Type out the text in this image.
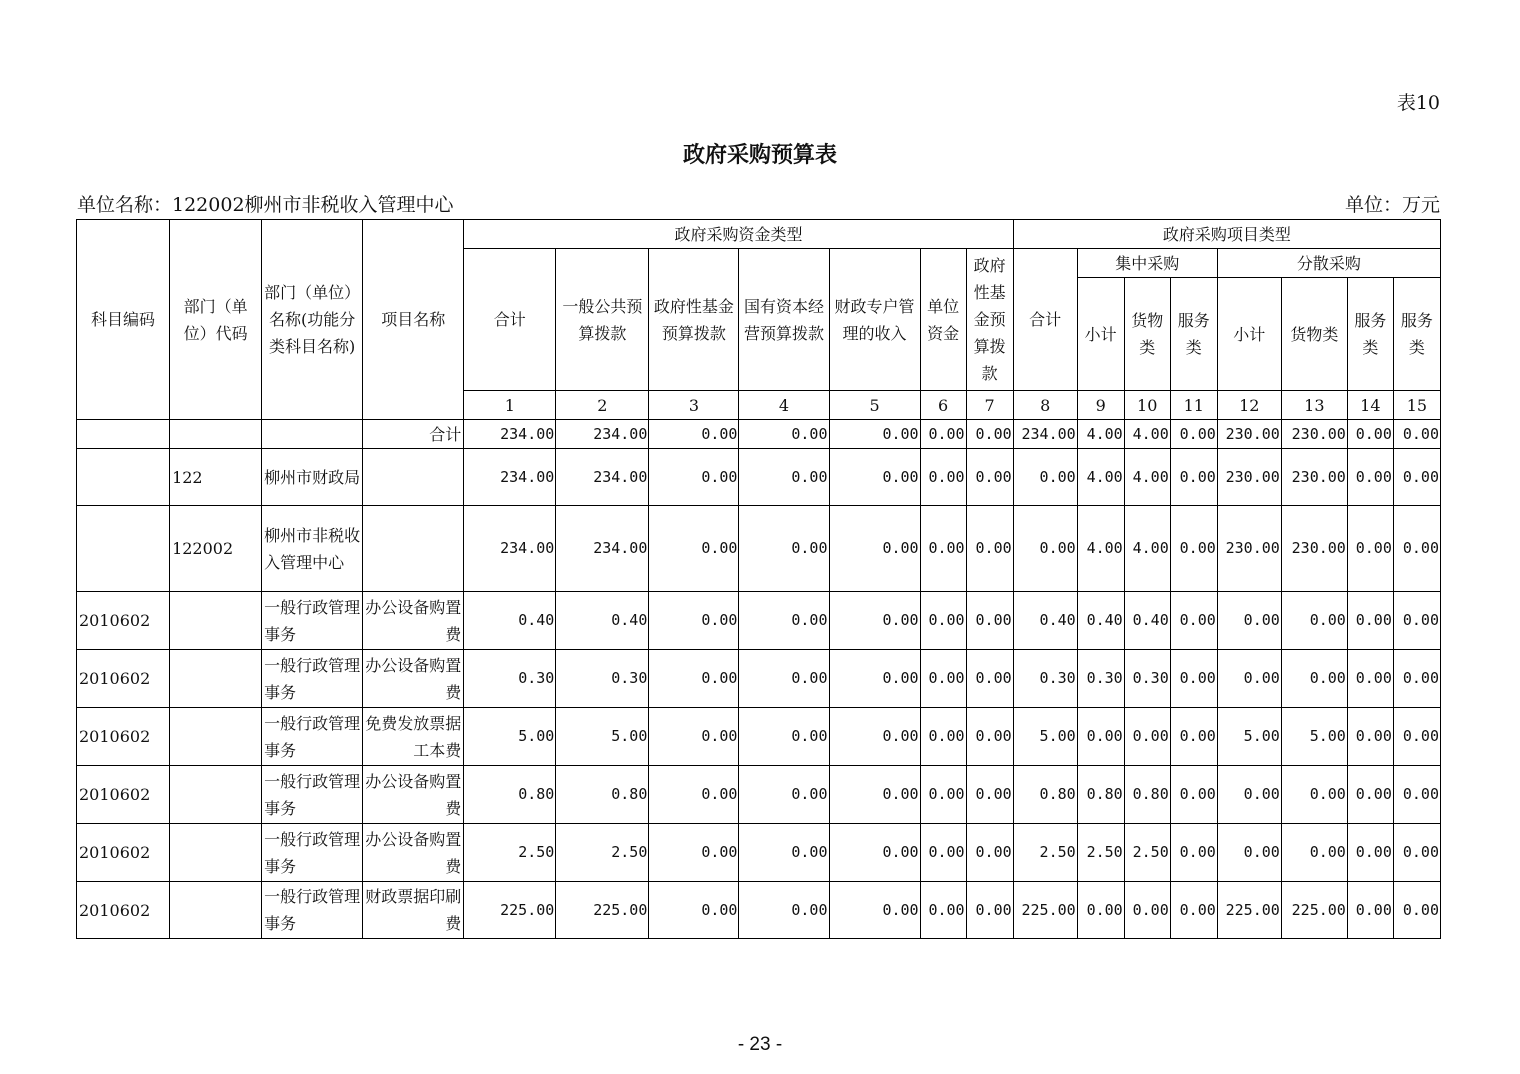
表10
政府采购预算表
单位名称：122002柳州市非税收入管理中心	单位：万元
科目编码	部门（单位）代码	部门（单位）名称(功能分类科目名称)	项目名称	政府采购资金类型							政府采购项目类型							
				合计	一般公共预算拨款	政府性基金预算拨款	国有资本经营预算拨款	财政专户管理的收入	单位资金	政府性基金预算拨款	合计	集中采购			分散采购			
												小计	货物类	服务类	小计	货物类	服务类	服务类
				1	2	3	4	5	6	7	8	9	10	11	12	13	14	15
			合计	234.00	234.00	0.00	0.00	0.00	0.00	0.00	234.00	4.00	4.00	0.00	230.00	230.00	0.00	0.00
	122	柳州市财政局		234.00	234.00	0.00	0.00	0.00	0.00	0.00	0.00	4.00	4.00	0.00	230.00	230.00	0.00	0.00
	122002	柳州市非税收入管理中心		234.00	234.00	0.00	0.00	0.00	0.00	0.00	0.00	4.00	4.00	0.00	230.00	230.00	0.00	0.00
2010602		一般行政管理事务	办公设备购置费	0.40	0.40	0.00	0.00	0.00	0.00	0.00	0.40	0.40	0.40	0.00	0.00	0.00	0.00	0.00
2010602		一般行政管理事务	办公设备购置费	0.30	0.30	0.00	0.00	0.00	0.00	0.00	0.30	0.30	0.30	0.00	0.00	0.00	0.00	0.00
2010602		一般行政管理事务	免费发放票据工本费	5.00	5.00	0.00	0.00	0.00	0.00	0.00	5.00	0.00	0.00	0.00	5.00	5.00	0.00	0.00
2010602		一般行政管理事务	办公设备购置费	0.80	0.80	0.00	0.00	0.00	0.00	0.00	0.80	0.80	0.80	0.00	0.00	0.00	0.00	0.00
2010602		一般行政管理事务	办公设备购置费	2.50	2.50	0.00	0.00	0.00	0.00	0.00	2.50	2.50	2.50	0.00	0.00	0.00	0.00	0.00
2010602		一般行政管理事务	财政票据印刷费	225.00	225.00	0.00	0.00	0.00	0.00	0.00	225.00	0.00	0.00	0.00	225.00	225.00	0.00	0.00
- 23 -
